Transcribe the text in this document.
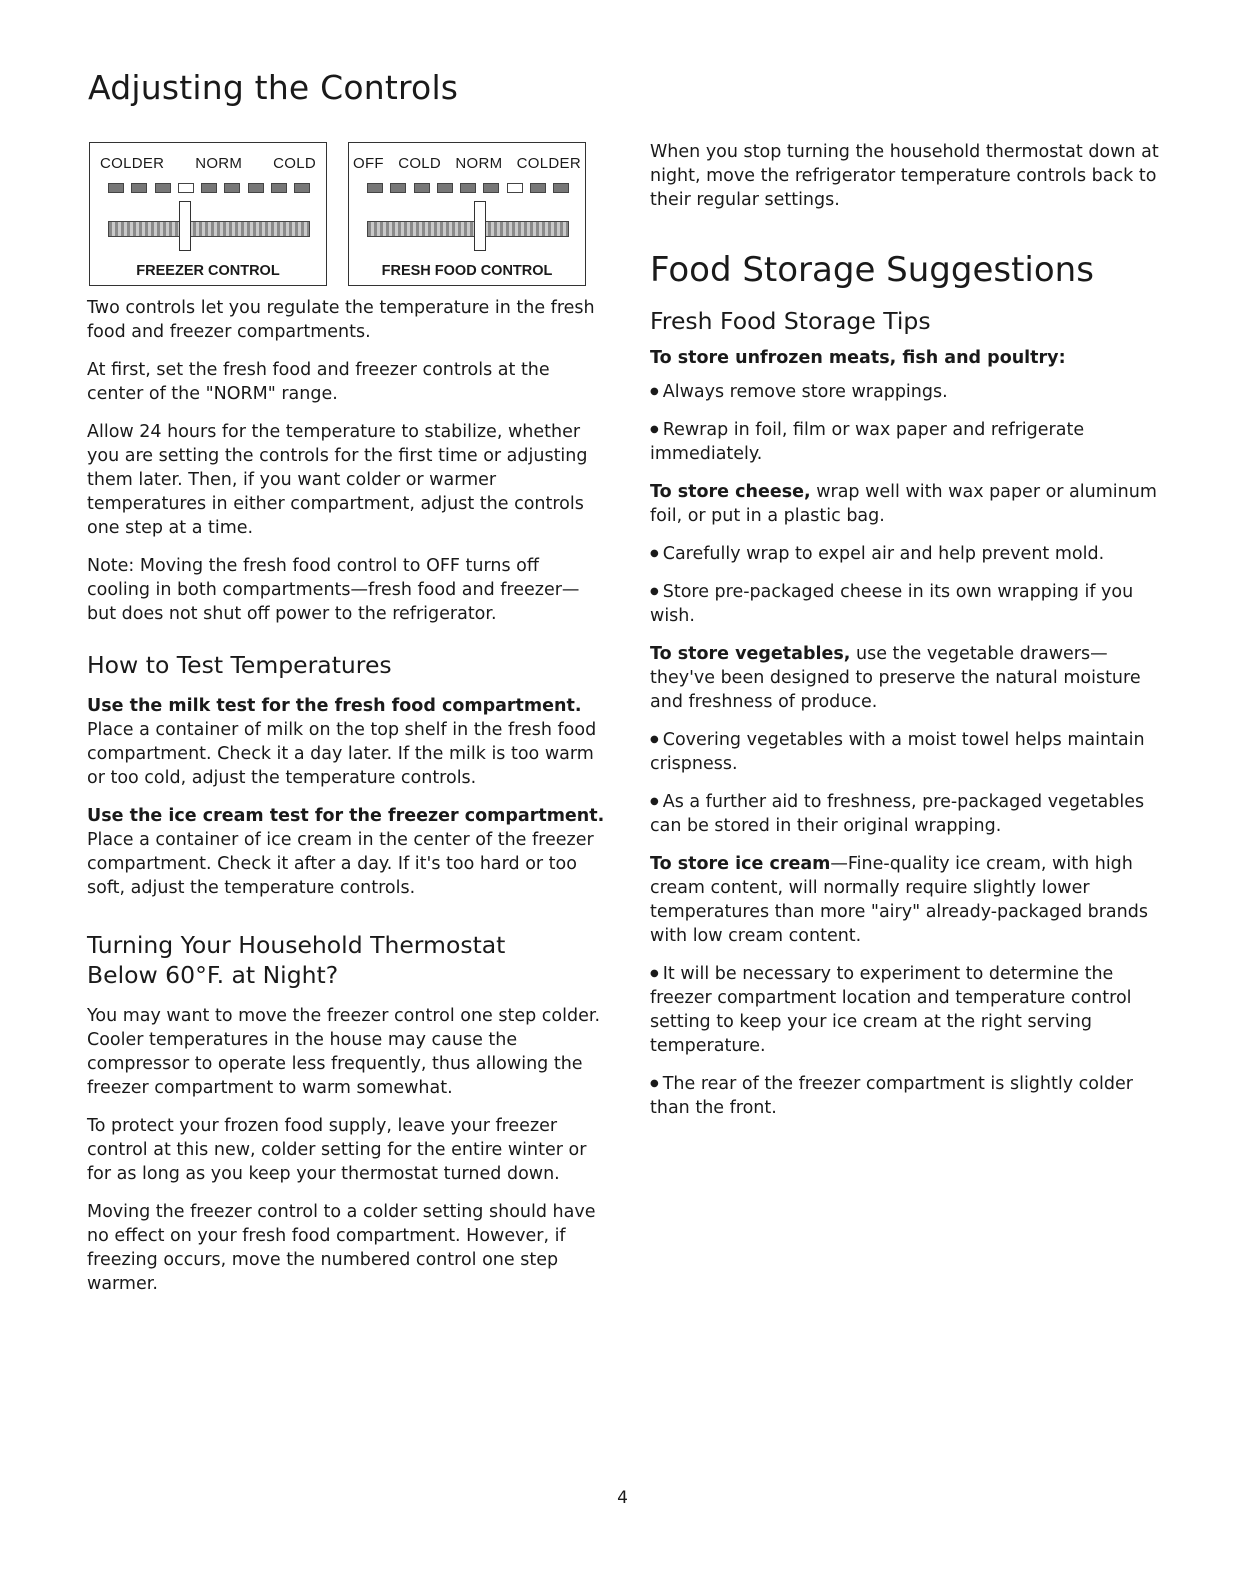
Adjusting the Controls
COLDER NORM COLD
FREEZER CONTROL
OFF COLD NORM COLDER
FRESH FOOD CONTROL

Two controls let you regulate the temperature in the fresh food and freezer compartments.

At first, set the fresh food and freezer controls at the center of the "NORM" range.

Allow 24 hours for the temperature to stabilize, whether you are setting the controls for the first time or adjusting them later. Then, if you want colder or warmer temperatures in either compartment, adjust the controls one step at a time.

Note: Moving the fresh food control to OFF turns off cooling in both compartments—fresh food and freezer—but does not shut off power to the refrigerator.

How to Test Temperatures

Use the milk test for the fresh food compartment. Place a container of milk on the top shelf in the fresh food compartment. Check it a day later. If the milk is too warm or too cold, adjust the temperature controls.

Use the ice cream test for the freezer compartment. Place a container of ice cream in the center of the freezer compartment. Check it after a day. If it's too hard or too soft, adjust the temperature controls.

Turning Your Household Thermostat
Below 60°F. at Night?

You may want to move the freezer control one step colder. Cooler temperatures in the house may cause the compressor to operate less frequently, thus allowing the freezer compartment to warm somewhat.

To protect your frozen food supply, leave your freezer control at this new, colder setting for the entire winter or for as long as you keep your thermostat turned down.

Moving the freezer control to a colder setting should have no effect on your fresh food compartment. However, if freezing occurs, move the numbered control one step warmer.

When you stop turning the household thermostat down at night, move the refrigerator temperature controls back to their regular settings.

Food Storage Suggestions
Fresh Food Storage Tips

To store unfrozen meats, fish and poultry:

● Always remove store wrappings.

● Rewrap in foil, film or wax paper and refrigerate immediately.

To store cheese, wrap well with wax paper or aluminum foil, or put in a plastic bag.

● Carefully wrap to expel air and help prevent mold.

● Store pre-packaged cheese in its own wrapping if you wish.

To store vegetables, use the vegetable drawers—they've been designed to preserve the natural moisture and freshness of produce.

● Covering vegetables with a moist towel helps maintain crispness.

● As a further aid to freshness, pre-packaged vegetables can be stored in their original wrapping.

To store ice cream—Fine-quality ice cream, with high cream content, will normally require slightly lower temperatures than more "airy" already-packaged brands with low cream content.

● It will be necessary to experiment to determine the freezer compartment location and temperature control setting to keep your ice cream at the right serving temperature.

● The rear of the freezer compartment is slightly colder than the front.

4
